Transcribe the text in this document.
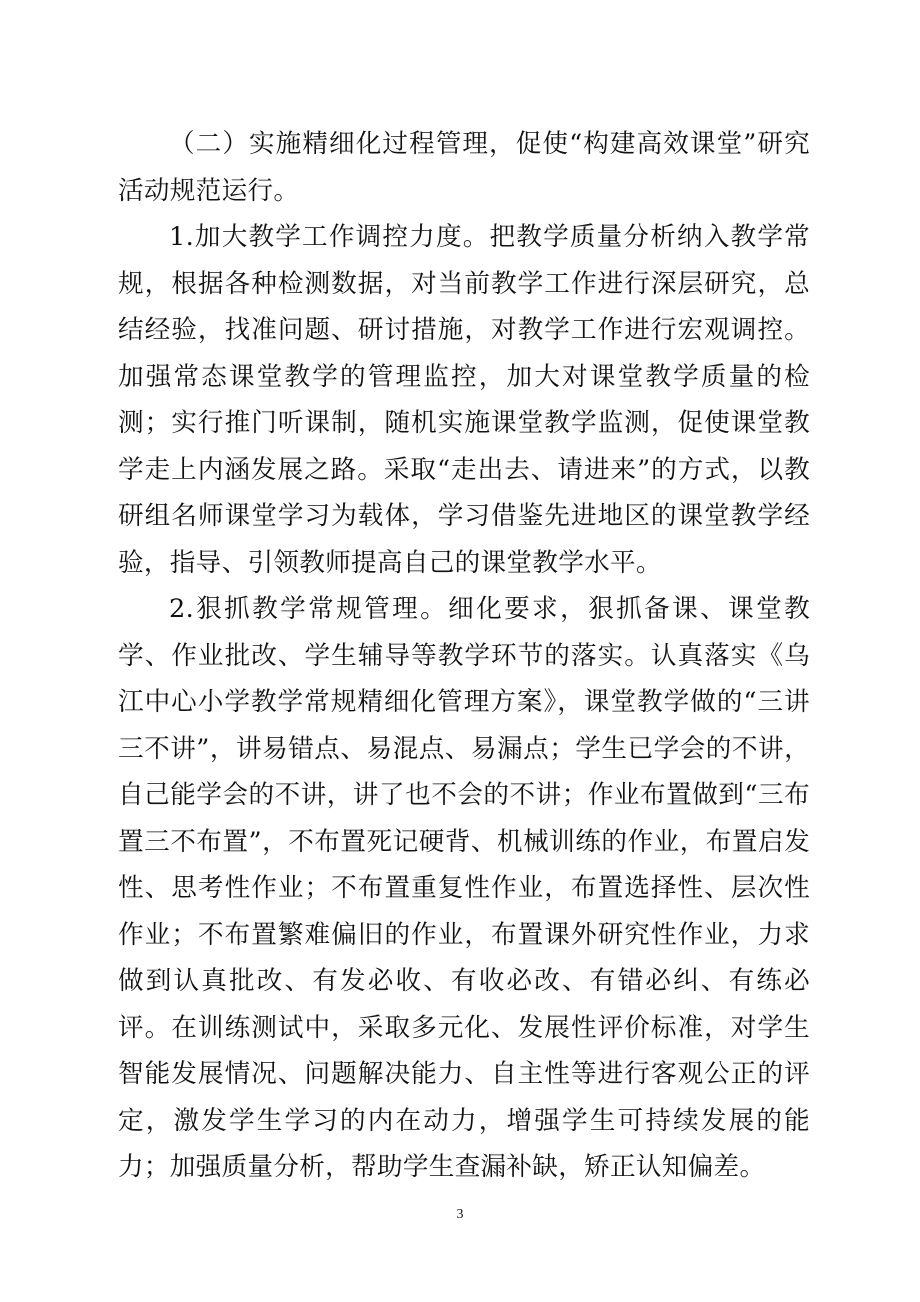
（二）实施精细化过程管理，促使“构建高效课堂”研究活动规范运行。

1.加大教学工作调控力度。把教学质量分析纳入教学常规，根据各种检测数据，对当前教学工作进行深层研究，总结经验，找准问题、研讨措施，对教学工作进行宏观调控。加强常态课堂教学的管理监控，加大对课堂教学质量的检测；实行推门听课制，随机实施课堂教学监测，促使课堂教学走上内涵发展之路。采取“走出去、请进来”的方式，以教研组名师课堂学习为载体，学习借鉴先进地区的课堂教学经验，指导、引领教师提高自己的课堂教学水平。

2.狠抓教学常规管理。细化要求，狠抓备课、课堂教学、作业批改、学生辅导等教学环节的落实。认真落实《乌江中心小学教学常规精细化管理方案》，课堂教学做的“三讲三不讲”，讲易错点、易混点、易漏点；学生已学会的不讲，自己能学会的不讲，讲了也不会的不讲；作业布置做到“三布置三不布置”，不布置死记硬背、机械训练的作业，布置启发性、思考性作业；不布置重复性作业，布置选择性、层次性作业；不布置繁难偏旧的作业，布置课外研究性作业，力求做到认真批改、有发必收、有收必改、有错必纠、有练必评。在训练测试中，采取多元化、发展性评价标准，对学生智能发展情况、问题解决能力、自主性等进行客观公正的评定，激发学生学习的内在动力，增强学生可持续发展的能力；加强质量分析，帮助学生查漏补缺，矫正认知偏差。

3
